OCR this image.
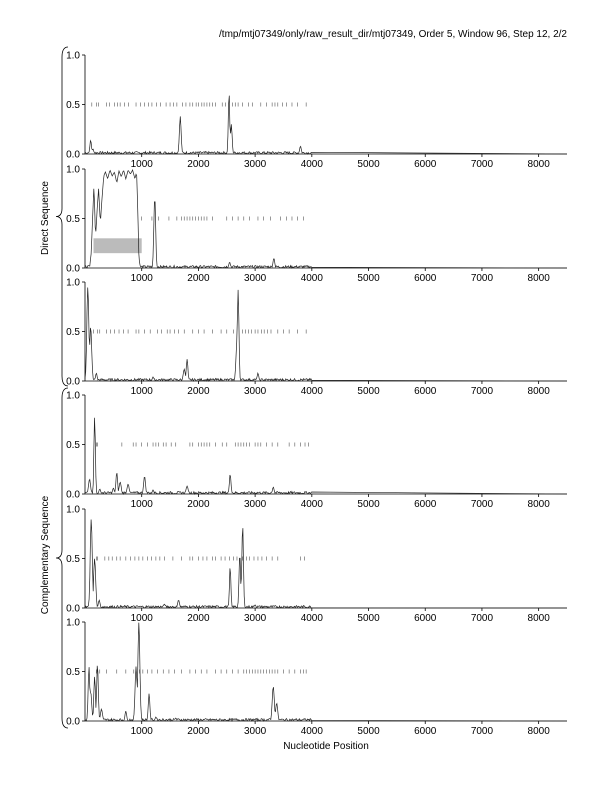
/tmp/mtj07349/only/raw_result_dir/mtj07349, Order 5, Window 96, Step 12, 2/2
0.0
0.5
1.0
1000	2000	3000	4000	5000	6000	7000	8000
0.0
0.5
1.0
1000	2000	3000	4000	5000	6000	7000	8000
0.0
0.5
1.0
1000	2000	3000	4000	5000	6000	7000	8000
0.0
0.5
1.0
1000	2000	3000	4000	5000	6000	7000	8000
0.0
0.5
1.0
1000	2000	3000	4000	5000	6000	7000	8000
0.0
0.5
1.0
1000	2000	3000	4000	5000	6000	7000	8000
Nucleotide Position
Direct Sequence
Complementary Sequence
